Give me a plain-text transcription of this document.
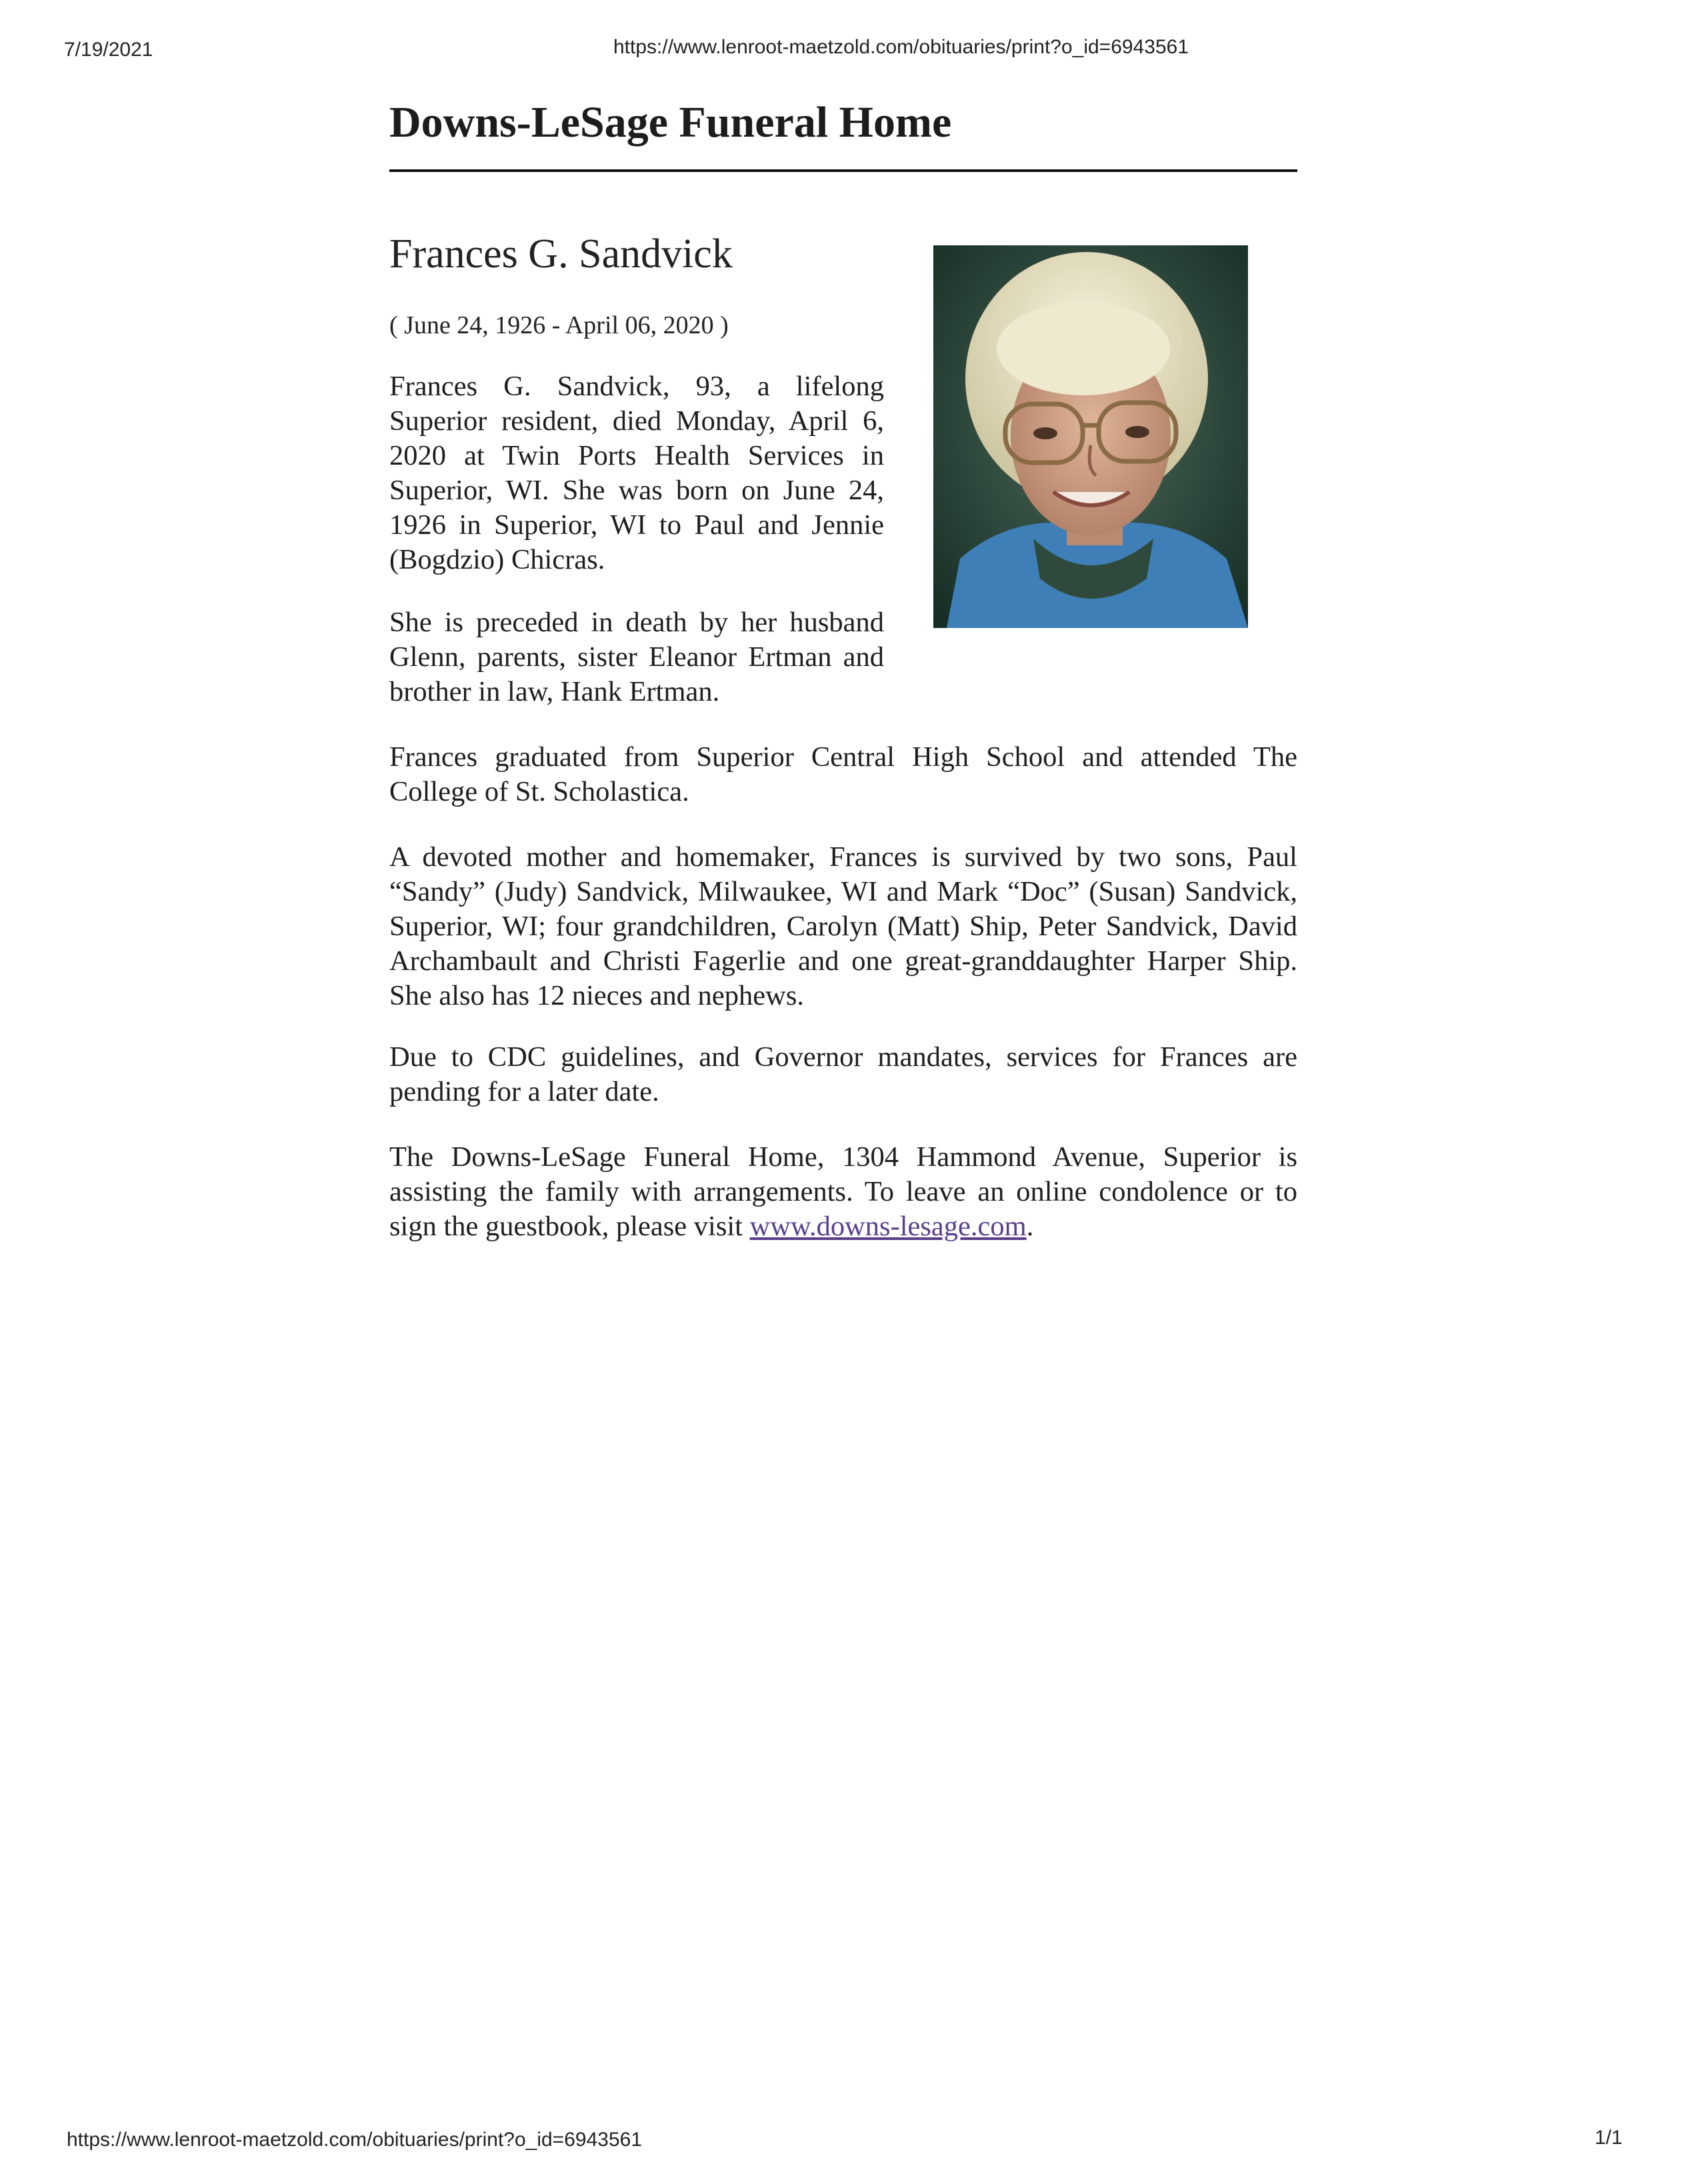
7/19/2021	https://www.lenroot-maetzold.com/obituaries/print?o_id=6943561
Downs-LeSage Funeral Home
Frances G. Sandvick
( June 24, 1926 - April 06, 2020 )

Frances G. Sandvick, 93, a lifelong Superior resident, died Monday, April 6, 2020 at Twin Ports Health Services in Superior, WI. She was born on June 24, 1926 in Superior, WI to Paul and Jennie (Bogdzio) Chicras.

She is preceded in death by her husband Glenn, parents, sister Eleanor Ertman and brother in law, Hank Ertman.

Frances graduated from Superior Central High School and attended The College of St. Scholastica.

A devoted mother and homemaker, Frances is survived by two sons, Paul “Sandy” (Judy) Sandvick, Milwaukee, WI and Mark “Doc” (Susan) Sandvick, Superior, WI; four grandchildren, Carolyn (Matt) Ship, Peter Sandvick, David Archambault and Christi Fagerlie and one great-granddaughter Harper Ship. She also has 12 nieces and nephews.

Due to CDC guidelines, and Governor mandates, services for Frances are pending for a later date.

The Downs-LeSage Funeral Home, 1304 Hammond Avenue, Superior is assisting the family with arrangements. To leave an online condolence or to sign the guestbook, please visit www.downs-lesage.com.

https://www.lenroot-maetzold.com/obituaries/print?o_id=6943561	1/1
